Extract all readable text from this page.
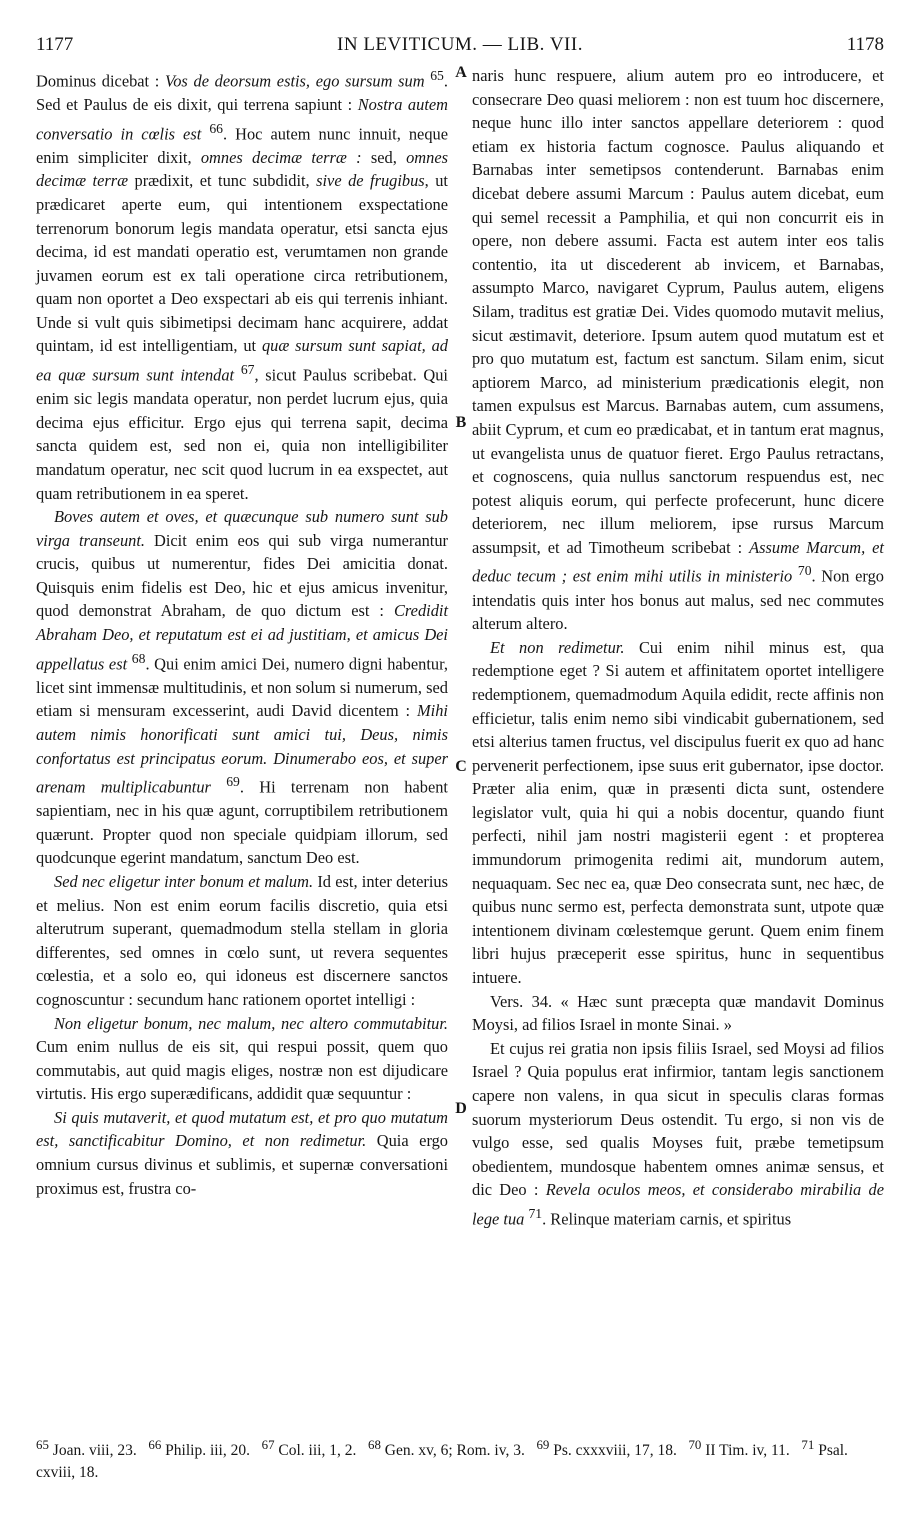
1177	IN LEVITICUM. — LIB. VII.	1178

Dominus dicebat : Vos de deorsum estis, ego sursum sum $^{65}$. Sed et Paulus de eis dixit, qui terrena sapiunt : Nostra autem conversatio in cœlis est $^{66}$. Hoc autem nunc innuit, neque enim simpliciter dixit, omnes decimæ terræ : sed, omnes decimæ terræ prædixit, et tunc subdidit, sive de frugibus, ut prædicaret aperte eum, qui intentionem exspectatione terrenorum bonorum legis mandata operatur, etsi sancta ejus decima, id est mandati operatio est, verumtamen non grande juvamen eorum est ex tali operatione circa retributionem, quam non oportet a Deo exspectari ab eis qui terrenis inhiant. Unde si vult quis sibimetipsi decimam hanc acquirere, addat quintam, id est intelligentiam, ut quæ sursum sunt sapiat, ad ea quæ sursum sunt intendat $^{67}$, sicut Paulus scribebat. Qui enim sic legis mandata operatur, non perdet lucrum ejus, quia decima ejus efficitur. Ergo ejus qui terrena sapit, decima sancta quidem est, sed non ei, quia non intelligibiliter mandatum operatur, nec scit quod lucrum in ea exspectet, aut quam retributionem in ea speret.

Boves autem et oves, et quæcunque sub numero sunt sub virga transeunt. Dicit enim eos qui sub virga numerantur crucis, quibus ut numerentur, fides Dei amicitia donat. Quisquis enim fidelis est Deo, hic et ejus amicus invenitur, quod demonstrat Abraham, de quo dictum est : Credidit Abraham Deo, et reputatum est ei ad justitiam, et amicus Dei appellatus est $^{68}$. Qui enim amici Dei, numero digni habentur, licet sint immensæ multitudinis, et non solum si numerum, sed etiam si mensuram excesserint, audi David dicentem : Mihi autem nimis honorificati sunt amici tui, Deus, nimis confortatus est principatus eorum. Dinumerabo eos, et super arenam multiplicabuntur $^{69}$. Hi terrenam non habent sapientiam, nec in his quæ agunt, corruptibilem retributionem quærunt. Propter quod non speciale quidpiam illorum, sed quodcunque egerint mandatum, sanctum Deo est.

Sed nec eligetur inter bonum et malum. Id est, inter deterius et melius. Non est enim eorum facilis discretio, quia etsi alterutrum superant, quemadmodum stella stellam in gloria differentes, sed omnes in cœlo sunt, ut revera sequentes cœlestia, et a solo eo, qui idoneus est discernere sanctos cognoscuntur : secundum hanc rationem oportet intelligi :

Non eligetur bonum, nec malum, nec altero commutabitur. Cum enim nullus de eis sit, qui respui possit, quem quo commutabis, aut quid magis eliges, nostræ non est dijudicare virtutis. His ergo superædificans, addidit quæ sequuntur :

Si quis mutaverit, et quod mutatum est, et pro quo mutatum est, sanctificabitur Domino, et non redimetur. Quia ergo omnium cursus divinus et sublimis, et supernæ conversationi proximus est, frustra co-

naris hunc respuere, alium autem pro eo introducere, et consecrare Deo quasi meliorem : non est tuum hoc discernere, neque hunc illo inter sanctos appellare deteriorem : quod etiam ex historia factum cognosce. Paulus aliquando et Barnabas inter semetipsos contenderunt. Barnabas enim dicebat debere assumi Marcum : Paulus autem dicebat, eum qui semel recessit a Pamphilia, et qui non concurrit eis in opere, non debere assumi. Facta est autem inter eos talis contentio, ita ut discederent ab invicem, et Barnabas, assumpto Marco, navigaret Cyprum, Paulus autem, eligens Silam, traditus est gratiæ Dei. Vides quomodo mutavit melius, sicut æstimavit, deteriore. Ipsum autem quod mutatum est et pro quo mutatum est, factum est sanctum. Silam enim, sicut aptiorem Marco, ad ministerium prædicationis elegit, non tamen expulsus est Marcus. Barnabas autem, cum assumens, abiit Cyprum, et cum eo prædicabat, et in tantum erat magnus, ut evangelista unus de quatuor fieret. Ergo Paulus retractans, et cognoscens, quia nullus sanctorum respuendus est, nec potest aliquis eorum, qui perfecte profecerunt, hunc dicere deteriorem, nec illum meliorem, ipse rursus Marcum assumpsit, et ad Timotheum scribebat : Assume Marcum, et deduc tecum ; est enim mihi utilis in ministerio $^{70}$. Non ergo intendatis quis inter hos bonus aut malus, sed nec commutes alterum altero.

Et non redimetur. Cui enim nihil minus est, qua redemptione eget ? Si autem et affinitatem oportet intelligere redemptionem, quemadmodum Aquila edidit, recte affinis non efficietur, talis enim nemo sibi vindicabit gubernationem, sed etsi alterius tamen fructus, vel discipulus fuerit ex quo ad hanc pervenerit perfectionem, ipse suus erit gubernator, ipse doctor. Præter alia enim, quæ in præsenti dicta sunt, ostendere legislator vult, quia hi qui a nobis docentur, quando fiunt perfecti, nihil jam nostri magisterii egent : et propterea immundorum primogenita redimi ait, mundorum autem, nequaquam. Sec nec ea, quæ Deo consecrata sunt, nec hæc, de quibus nunc sermo est, perfecta demonstrata sunt, utpote quæ intentionem divinam cœlestemque gerunt. Quem enim finem libri hujus præceperit esse spiritus, hunc in sequentibus intuere.

Vers. 34. « Hæc sunt præcepta quæ mandavit Dominus Moysi, ad filios Israel in monte Sinai. »

Et cujus rei gratia non ipsis filiis Israel, sed Moysi ad filios Israel ? Quia populus erat infirmior, tantam legis sanctionem capere non valens, in qua sicut in speculis claras formas suorum mysteriorum Deus ostendit. Tu ergo, si non vis de vulgo esse, sed qualis Moyses fuit, præbe temetipsum obedientem, mundosque habentem omnes animæ sensus, et dic Deo : Revela oculos meos, et considerabo mirabilia de lege tua $^{71}$. Relinque materiam carnis, et spiritus

A
B
C
D

$^{65}$ Joan. viii, 23.   $^{66}$ Philip. iii, 20.   $^{67}$ Col. iii, 1, 2.   $^{68}$ Gen. xv, 6; Rom. iv, 3.   $^{69}$ Ps. cxxxviii, 17, 18.   $^{70}$ II Tim. iv, 11.   $^{71}$ Psal. cxviii, 18.
